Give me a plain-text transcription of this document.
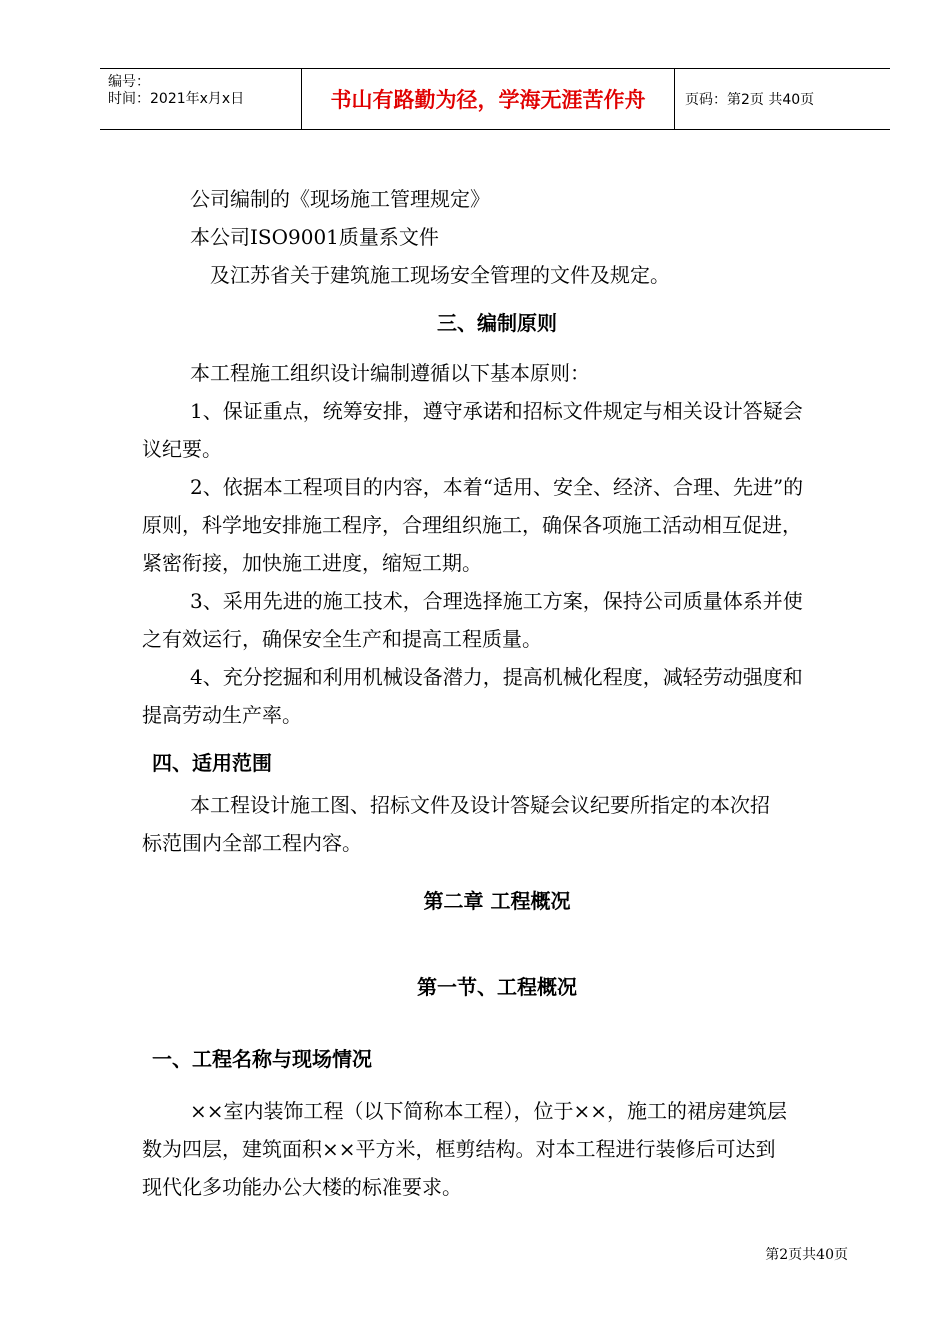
编号：
时间：2021年x月x日	书山有路勤为径，学海无涯苦作舟	页码：第2页 共40页
公司编制的《现场施工管理规定》
本公司ISO9001质量系文件
及江苏省关于建筑施工现场安全管理的文件及规定。
三、编制原则
本工程施工组织设计编制遵循以下基本原则：
1、保证重点，统筹安排，遵守承诺和招标文件规定与相关设计答疑会
议纪要。
2、依据本工程项目的内容，本着“适用、安全、经济、合理、先进”的
原则，科学地安排施工程序，合理组织施工，确保各项施工活动相互促进，
紧密衔接，加快施工进度，缩短工期。
3、采用先进的施工技术，合理选择施工方案，保持公司质量体系并使
之有效运行，确保安全生产和提高工程质量。
4、充分挖掘和利用机械设备潜力，提高机械化程度，减轻劳动强度和
提高劳动生产率。
四、适用范围
本工程设计施工图、招标文件及设计答疑会议纪要所指定的本次招
标范围内全部工程内容。
第二章 工程概况
第一节、工程概况
一、工程名称与现场情况
××室内装饰工程（以下简称本工程），位于××，施工的裙房建筑层
数为四层，建筑面积××平方米，框剪结构。对本工程进行装修后可达到
现代化多功能办公大楼的标准要求。
第2页共40页
